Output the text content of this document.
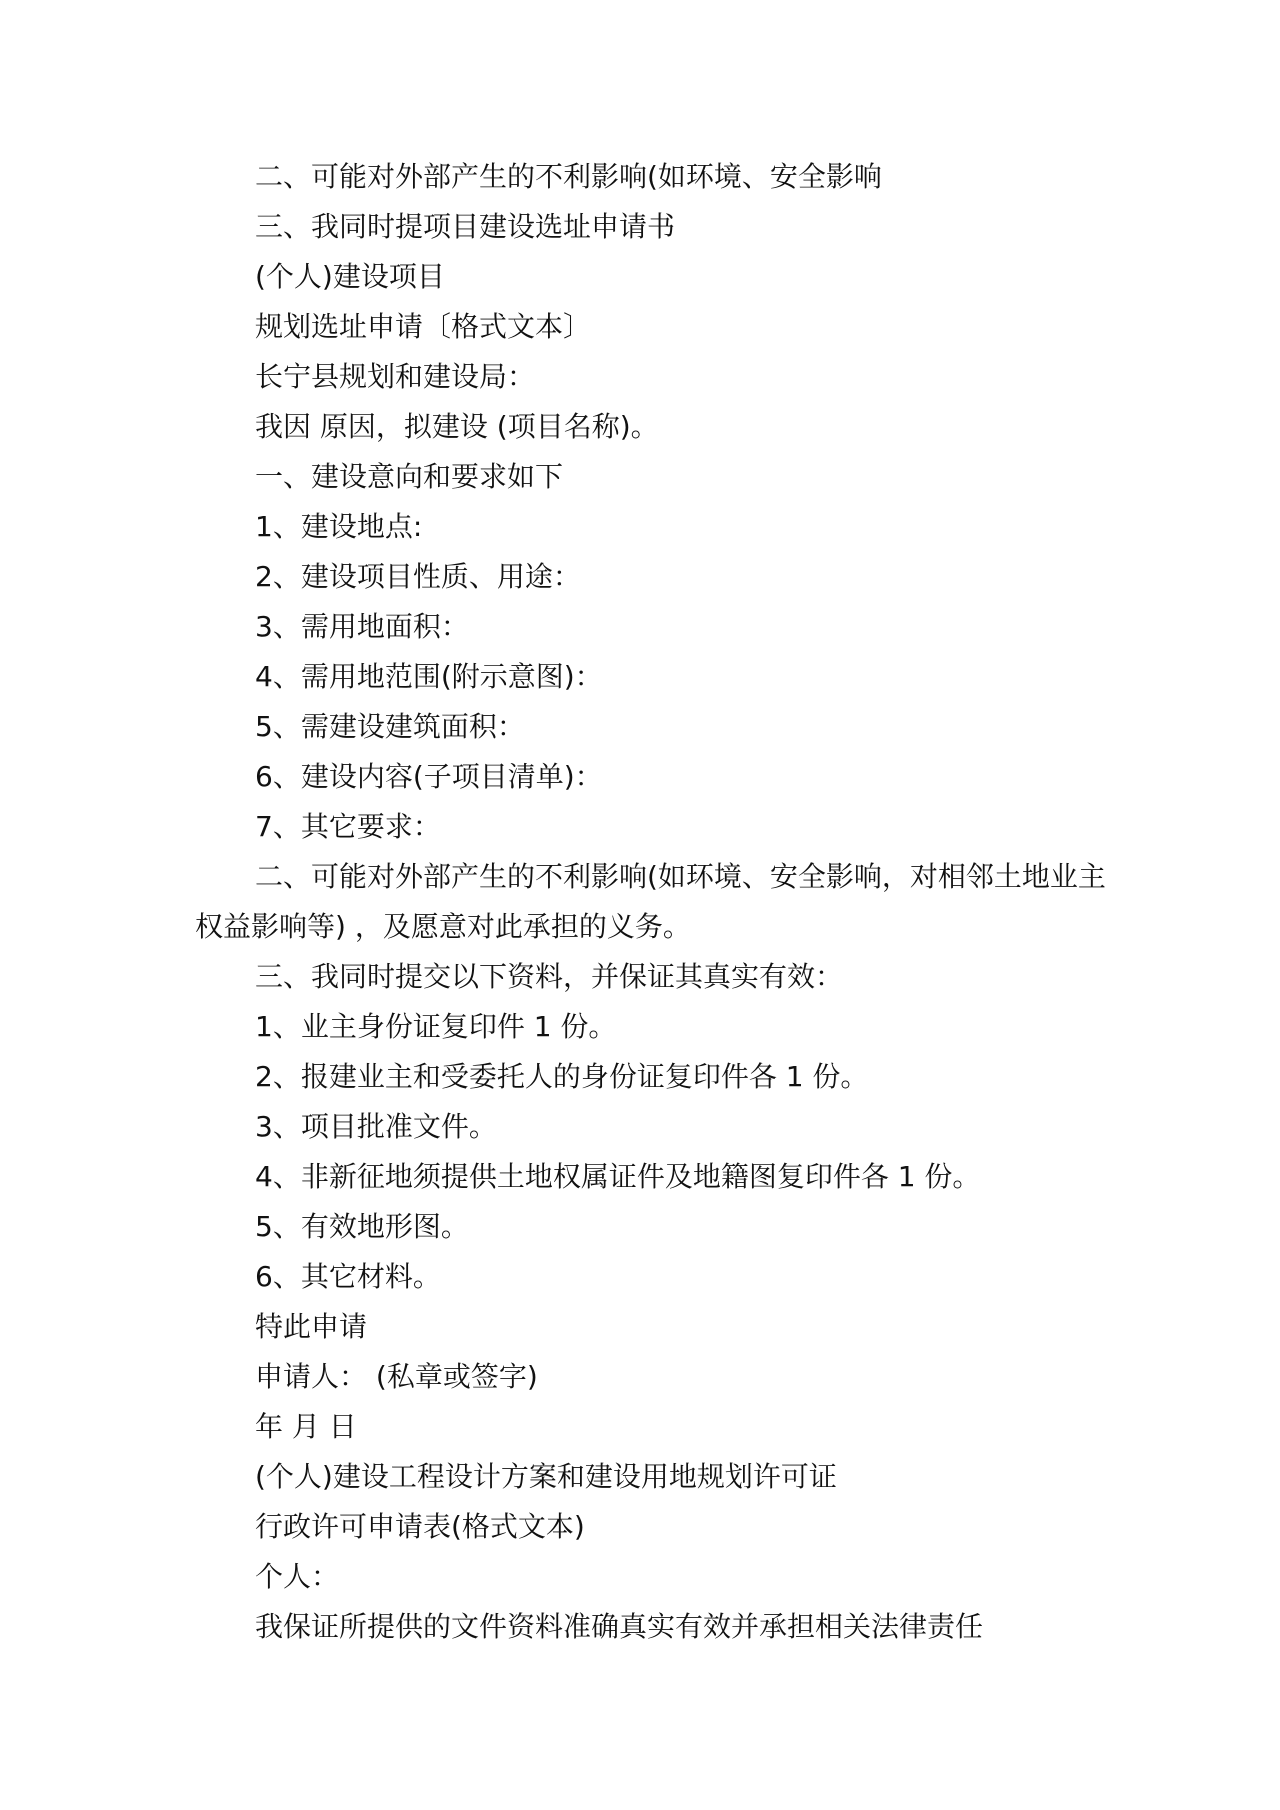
二、可能对外部产生的不利影响(如环境、安全影响
三、我同时提项目建设选址申请书
(个人)建设项目
规划选址申请〔格式文本〕
长宁县规划和建设局：
我因 原因，拟建设 (项目名称)。
一、建设意向和要求如下
1、建设地点:
2、建设项目性质、用途：
3、需用地面积：
4、需用地范围(附示意图)：
5、需建设建筑面积：
6、建设内容(子项目清单)：
7、其它要求：
二、可能对外部产生的不利影响(如环境、安全影响，对相邻土地业主权益影响等) ，及愿意对此承担的义务。
三、我同时提交以下资料，并保证其真实有效：
1、业主身份证复印件 1 份。
2、报建业主和受委托人的身份证复印件各 1 份。
3、项目批准文件。
4、非新征地须提供土地权属证件及地籍图复印件各 1 份。
5、有效地形图。
6、其它材料。
特此申请
申请人： (私章或签字)
年 月 日
(个人)建设工程设计方案和建设用地规划许可证
行政许可申请表(格式文本)
个人：
我保证所提供的文件资料准确真实有效并承担相关法律责任
